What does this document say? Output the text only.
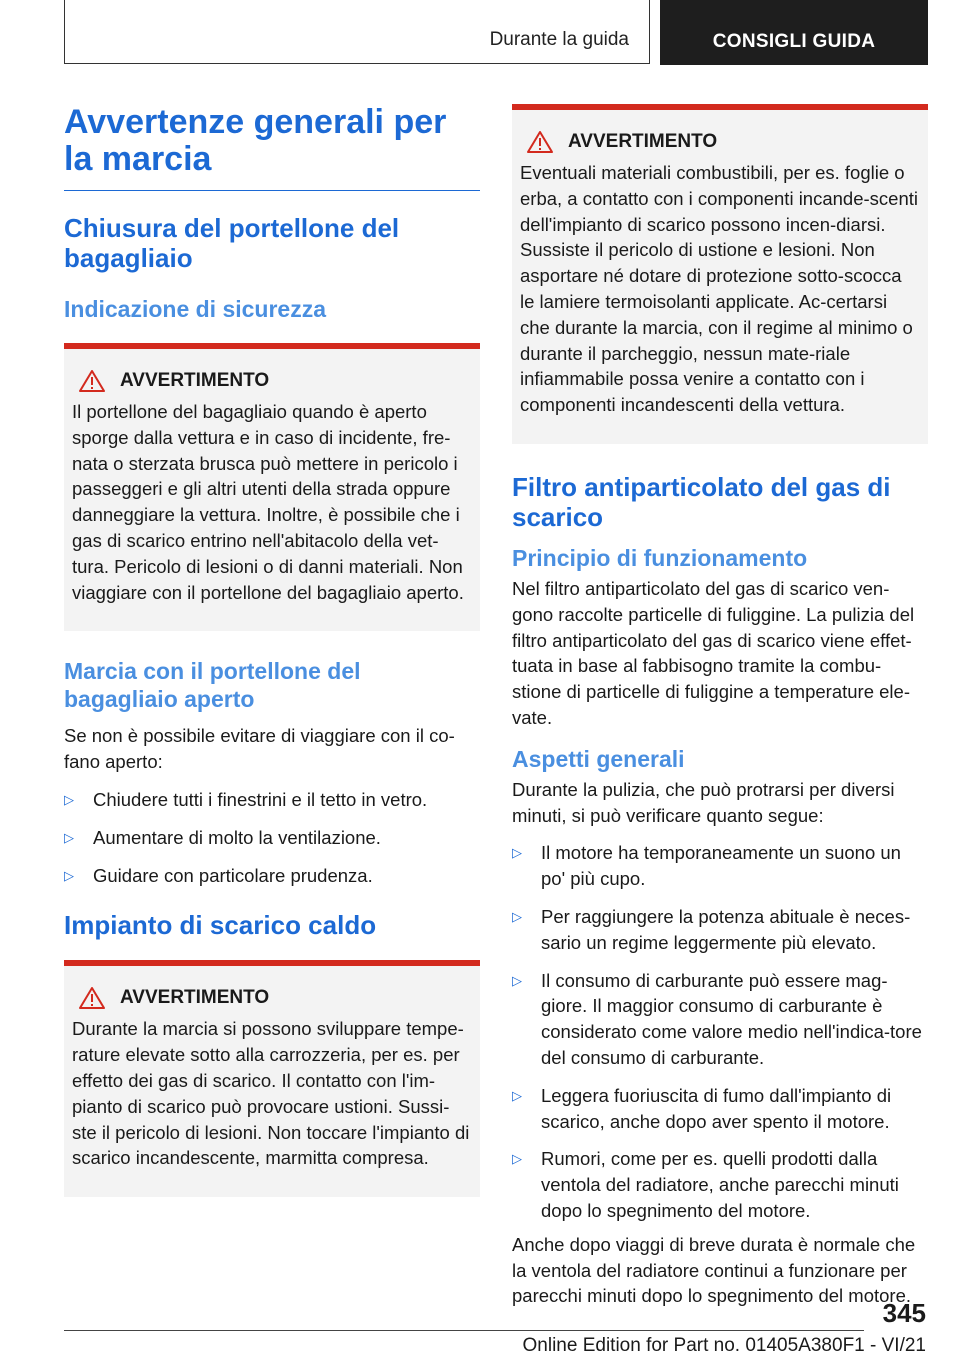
Durante la guida	CONSIGLI GUIDA
Avvertenze generali per la marcia
Chiusura del portellone del bagagliaio
Indicazione di sicurezza
AVVERTIMENTO

Il portellone del bagagliaio quando è aperto sporge dalla vettura e in caso di incidente, fre‐nata o sterzata brusca può mettere in pericolo i passeggeri e gli altri utenti della strada oppure danneggiare la vettura. Inoltre, è possibile che i gas di scarico entrino nell'abitacolo della vet‐tura. Pericolo di lesioni o di danni materiali. Non viaggiare con il portellone del bagagliaio aperto.

Marcia con il portellone del bagagliaio aperto

Se non è possibile evitare di viaggiare con il co‐fano aperto:

▷ Chiudere tutti i finestrini e il tetto in vetro.
▷ Aumentare di molto la ventilazione.
▷ Guidare con particolare prudenza.
Impianto di scarico caldo
AVVERTIMENTO

Durante la marcia si possono sviluppare tempe‐rature elevate sotto alla carrozzeria, per es. per effetto dei gas di scarico. Il contatto con l'im‐pianto di scarico può provocare ustioni. Sussi‐ste il pericolo di lesioni. Non toccare l'impianto di scarico incandescente, marmitta compresa.

AVVERTIMENTO

Eventuali materiali combustibili, per es. foglie o erba, a contatto con i componenti incande‐scenti dell'impianto di scarico possono incen‐diarsi. Sussiste il pericolo di ustione e lesioni. Non asportare né dotare di protezione sotto‐scocca le lamiere termoisolanti applicate. Ac‐certarsi che durante la marcia, con il regime al minimo o durante il parcheggio, nessun mate‐riale infiammabile possa venire a contatto con i componenti incandescenti della vettura.

Filtro antiparticolato del gas di scarico
Principio di funzionamento

Nel filtro antiparticolato del gas di scarico ven‐gono raccolte particelle di fuliggine. La pulizia del filtro antiparticolato del gas di scarico viene effet‐tuata in base al fabbisogno tramite la combu‐stione di particelle di fuliggine a temperature ele‐vate.

Aspetti generali

Durante la pulizia, che può protrarsi per diversi minuti, si può verificare quanto segue:

▷ Il motore ha temporaneamente un suono un po' più cupo.
▷ Per raggiungere la potenza abituale è neces‐sario un regime leggermente più elevato.
▷ Il consumo di carburante può essere mag‐giore. Il maggior consumo di carburante è considerato come valore medio nell'indica‐tore del consumo di carburante.
▷ Leggera fuoriuscita di fumo dall'impianto di scarico, anche dopo aver spento il motore.
▷ Rumori, come per es. quelli prodotti dalla ventola del radiatore, anche parecchi minuti dopo lo spegnimento del motore.

Anche dopo viaggi di breve durata è normale che la ventola del radiatore continui a funzionare per parecchi minuti dopo lo spegnimento del motore.

345
Online Edition for Part no. 01405A380F1 - VI/21
